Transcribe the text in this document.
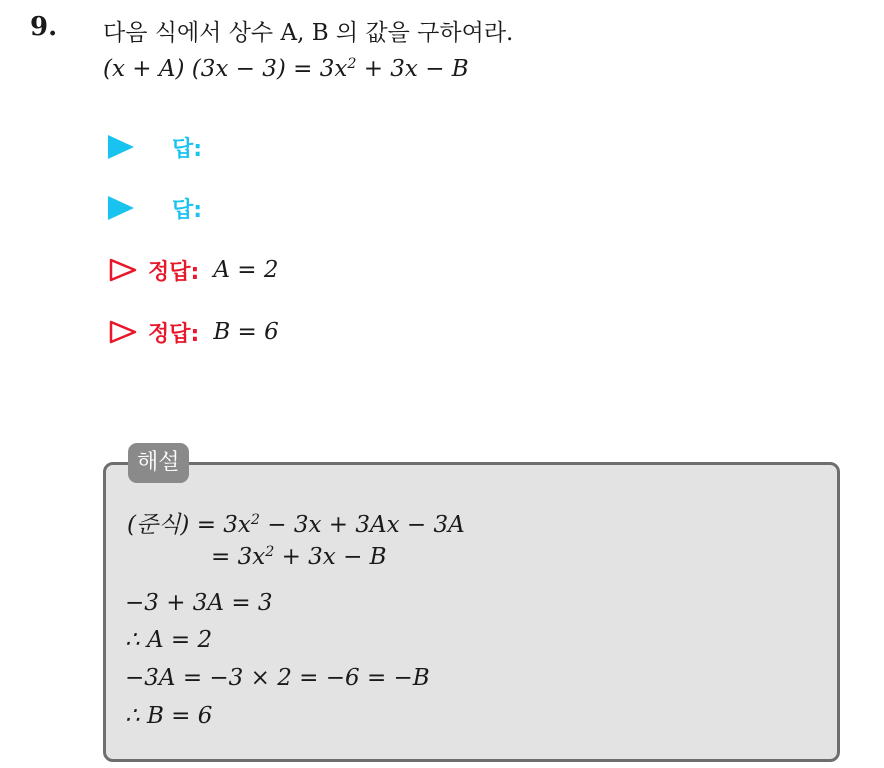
9. 다음 식에서 상수 A, B 의 값을 구하여라.
(x + A) $(3x - 3) = 3x^2 + 3x - B$
답:
답:
정답: A = 2
정답: B = 6
해설
(준식) = $3x^2 - 3x + 3Ax - 3A$
= $3x^2 + 3x - B$
−3 + 3A = 3
∴ A = 2
−3A = −3 × 2 = −6 = −B
∴ B = 6
